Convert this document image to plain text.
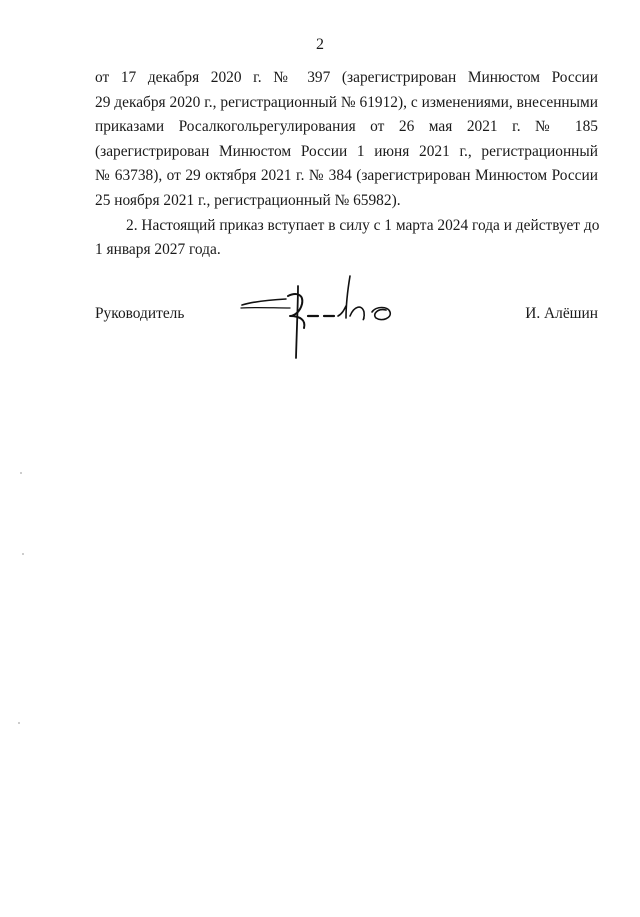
2
от 17 декабря 2020 г. № 397 (зарегистрирован Минюстом России
29 декабря 2020 г., регистрационный № 61912), с изменениями, внесенными
приказами Росалкогольрегулирования от 26 мая 2021 г. № 185
(зарегистрирован Минюстом России 1 июня 2021 г., регистрационный
№ 63738), от 29 октября 2021 г. № 384 (зарегистрирован Минюстом России
25 ноября 2021 г., регистрационный № 65982).
2. Настоящий приказ вступает в силу с 1 марта 2024 года и действует до
1 января 2027 года.
Руководитель	И. Алёшин
